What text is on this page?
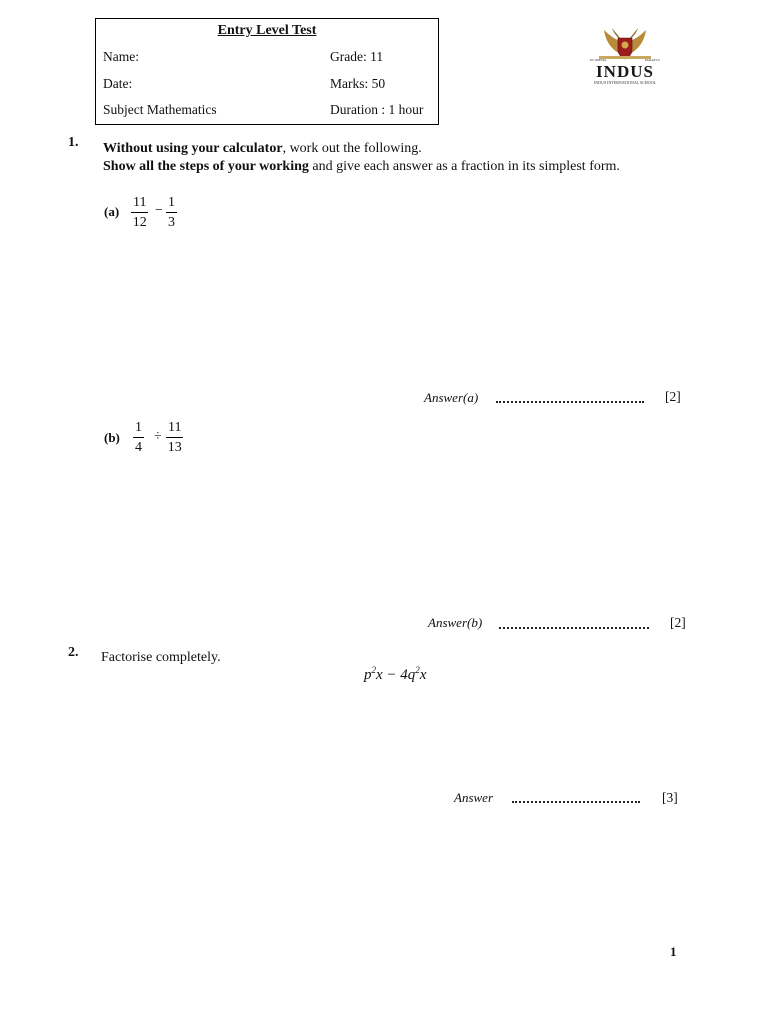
Entry Level Test
Name:	Grade: 11
Date:	Marks: 50
Subject Mathematics	Duration : 1 hour
IN OMNIA	PARATUS
INDUS
INDUS INTERNATIONAL SCHOOL
1. Without using your calculator, work out the following.
Show all the steps of your working and give each answer as a fraction in its simplest form.
$(a) \frac{11}{12} - \frac{1}{3}$
Answer(a)	[2]
$(b) \frac{1}{4} \div \frac{11}{13}$
Answer(b)	[2]
2. Factorise completely.
$p^2x - 4q^2x$
Answer	[3]
1
